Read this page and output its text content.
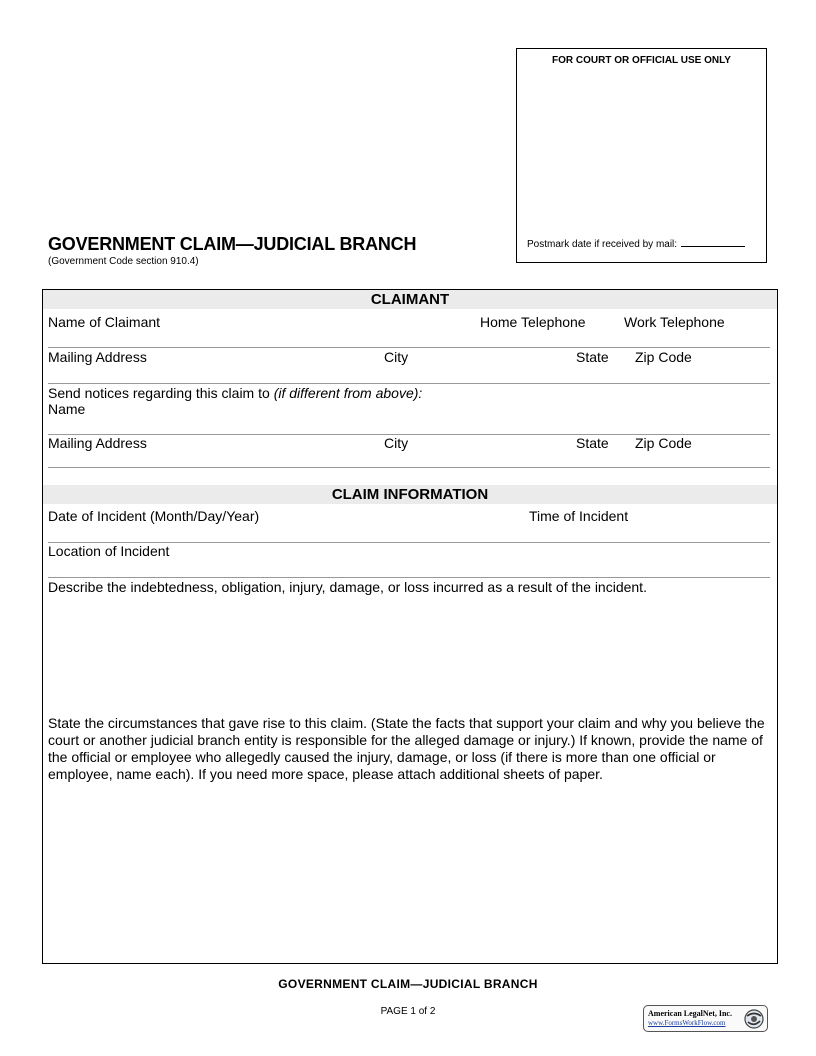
FOR COURT OR OFFICIAL USE ONLY
Postmark date if received by mail:
GOVERNMENT CLAIM—JUDICIAL BRANCH
(Government Code section 910.4)
CLAIMANT
Name of Claimant	Home Telephone	Work Telephone
Mailing Address	City	State Zip Code
Send notices regarding this claim to (if different from above):
Name
Mailing Address	City	State Zip Code
CLAIM INFORMATION
Date of Incident (Month/Day/Year)	Time of Incident
Location of Incident
Describe the indebtedness, obligation, injury, damage, or loss incurred as a result of the incident.
State the circumstances that gave rise to this claim. (State the facts that support your claim and why you believe the court or another judicial branch entity is responsible for the alleged damage or injury.) If known, provide the name of the official or employee who allegedly caused the injury, damage, or loss (if there is more than one official or employee, name each). If you need more space, please attach additional sheets of paper.
GOVERNMENT CLAIM—JUDICIAL BRANCH
PAGE 1 of 2	American LegalNet, Inc.
www.FormsWorkFlow.com
